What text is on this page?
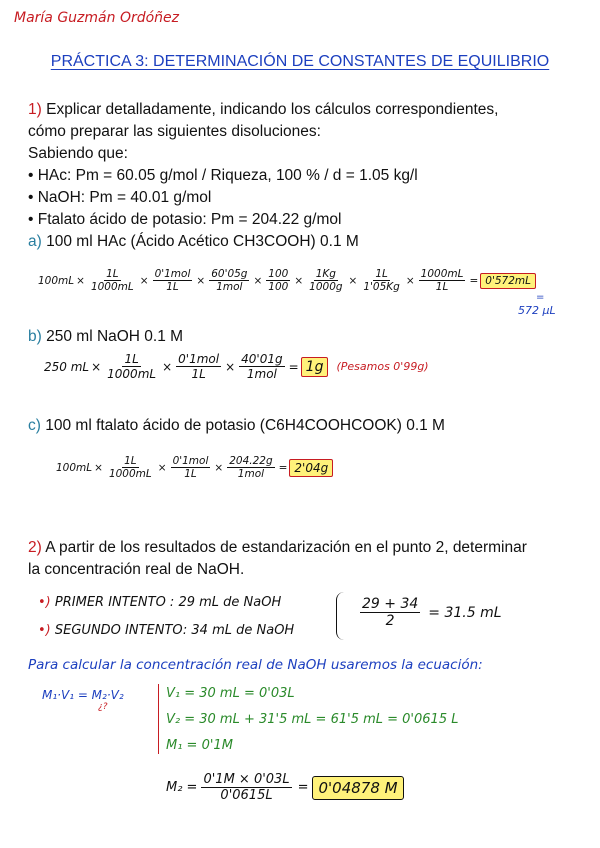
María Guzmán Ordóñez
PRÁCTICA 3: DETERMINACIÓN DE CONSTANTES DE EQUILIBRIO
1) Explicar detalladamente, indicando los cálculos correspondientes,
cómo preparar las siguientes disoluciones:
Sabiendo que:
• HAc: Pm = 60.05 g/mol / Riqueza, 100 % / d = 1.05 kg/l
• NaOH: Pm = 40.01 g/mol
• Ftalato ácido de potasio: Pm = 204.22 g/mol
a) 100 ml HAc (Ácido Acético CH3COOH) 0.1 M
$100mL \times \frac{1L}{1000mL} \times \frac{\text{0'1mol}}{1L} \times \frac{60'05g}{\text{1mol}} \times \frac{100}{100} \times \frac{1Kg}{1000g} \times \frac{1L}{1'05Kg} \times \frac{1000mL}{1L} = 0'572mL$
=
572 μL
b) 250 ml NaOH 0.1 M
250 mL × $\frac{1L}{1000mL} \times \frac{\text{0'1mol}}{1L} \times \frac{40'01g}{\text{1mol}} = 1g$	(Pesamos 0'99g)
c) 100 ml ftalato ácido de potasio (C6H4COOHCOOK) 0.1 M
$100mL \times \frac{1L}{1000mL} \times \frac{\text{0'1mol}}{1L} \times \frac{204.22g}{\text{1mol}} = 2'04g$
2) A partir de los resultados de estandarización en el punto 2, determinar
la concentración real de NaOH.
•) PRIMER INTENTO : 29 mL de NaOH
•) SEGUNDO INTENTO: 34 mL de NaOH
$\frac{29 + 34}{2} = 31.5$ mL
Para calcular la concentración real de NaOH usaremos la ecuación:
M₁·V₁ = M₂·V₂
¿?
V₁ = 30 mL = 0'03L
V₂ = 30 mL + 31'5 mL = 61'5 mL = 0'0615 L
M₁ = 0'1M
$M_2 = \frac{0'1M \times 0'03L}{0'0615L} = 0'04878$ M
